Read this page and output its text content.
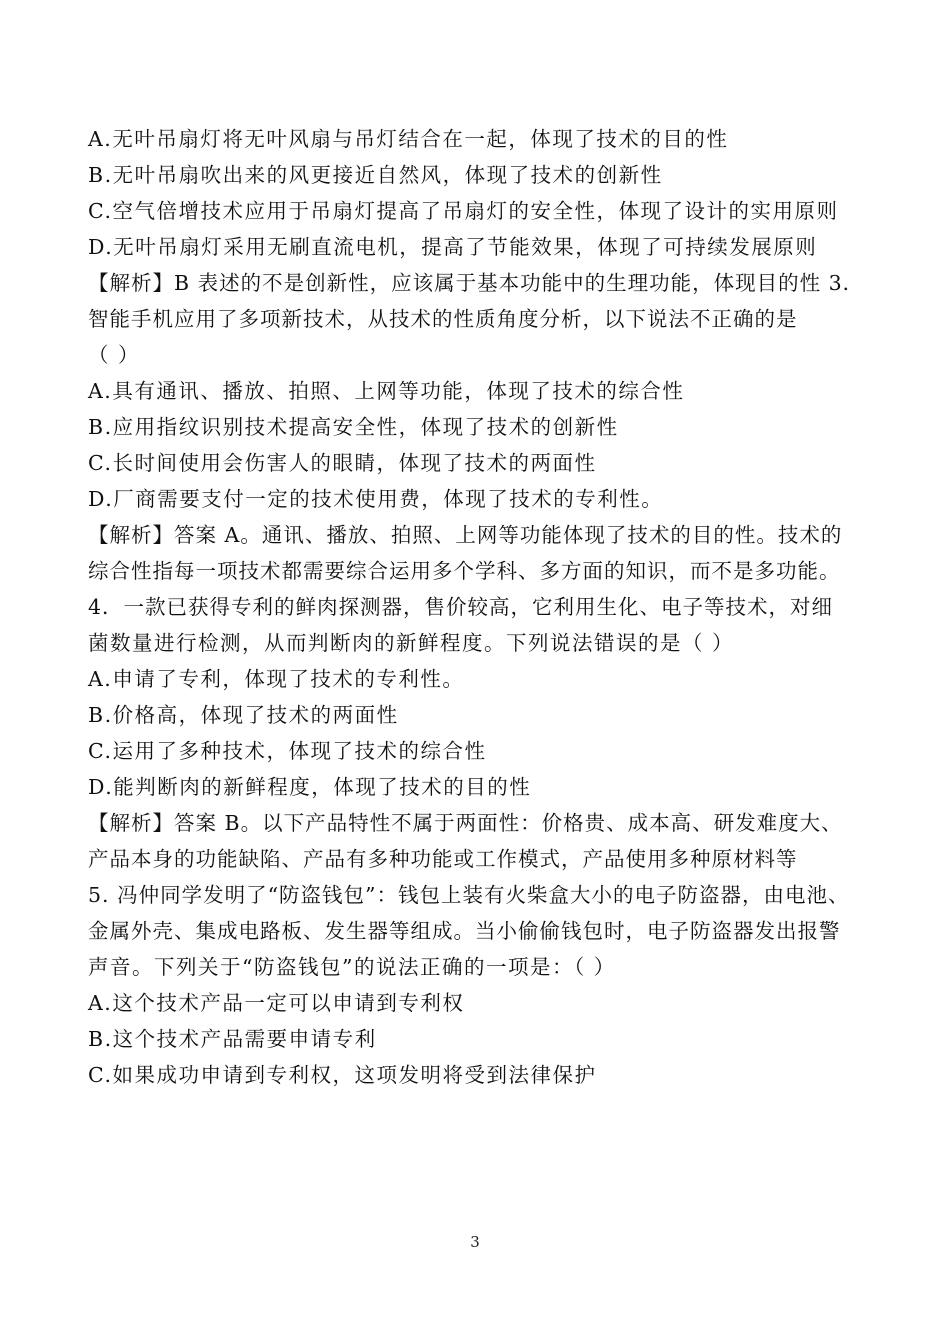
A.无叶吊扇灯将无叶风扇与吊灯结合在一起，体现了技术的目的性
B.无叶吊扇吹出来的风更接近自然风，体现了技术的创新性
C.空气倍增技术应用于吊扇灯提高了吊扇灯的安全性，体现了设计的实用原则
D.无叶吊扇灯采用无刷直流电机，提高了节能效果，体现了可持续发展原则
【解析】B 表述的不是创新性，应该属于基本功能中的生理功能，体现目的性 3．
智能手机应用了多项新技术，从技术的性质角度分析，以下说法不正确的是
（ ）
A.具有通讯、播放、拍照、上网等功能，体现了技术的综合性
B.应用指纹识别技术提高安全性，体现了技术的创新性
C.长时间使用会伤害人的眼睛，体现了技术的两面性
D.厂商需要支付一定的技术使用费，体现了技术的专利性。
【解析】答案 A。通讯、播放、拍照、上网等功能体现了技术的目的性。技术的
综合性指每一项技术都需要综合运用多个学科、多方面的知识，而不是多功能。
4．一款已获得专利的鲜肉探测器，售价较高，它利用生化、电子等技术，对细
菌数量进行检测，从而判断肉的新鲜程度。下列说法错误的是（ ）
A.申请了专利，体现了技术的专利性。
B.价格高，体现了技术的两面性
C.运用了多种技术，体现了技术的综合性
D.能判断肉的新鲜程度，体现了技术的目的性
【解析】答案 B。以下产品特性不属于两面性：价格贵、成本高、研发难度大、
产品本身的功能缺陷、产品有多种功能或工作模式，产品使用多种原材料等
5. 冯仲同学发明了“防盗钱包”：钱包上装有火柴盒大小的电子防盗器，由电池、
金属外壳、集成电路板、发生器等组成。当小偷偷钱包时，电子防盗器发出报警
声音。下列关于“防盗钱包”的说法正确的一项是：（ ）
A.这个技术产品一定可以申请到专利权
B.这个技术产品需要申请专利
C.如果成功申请到专利权，这项发明将受到法律保护
3
